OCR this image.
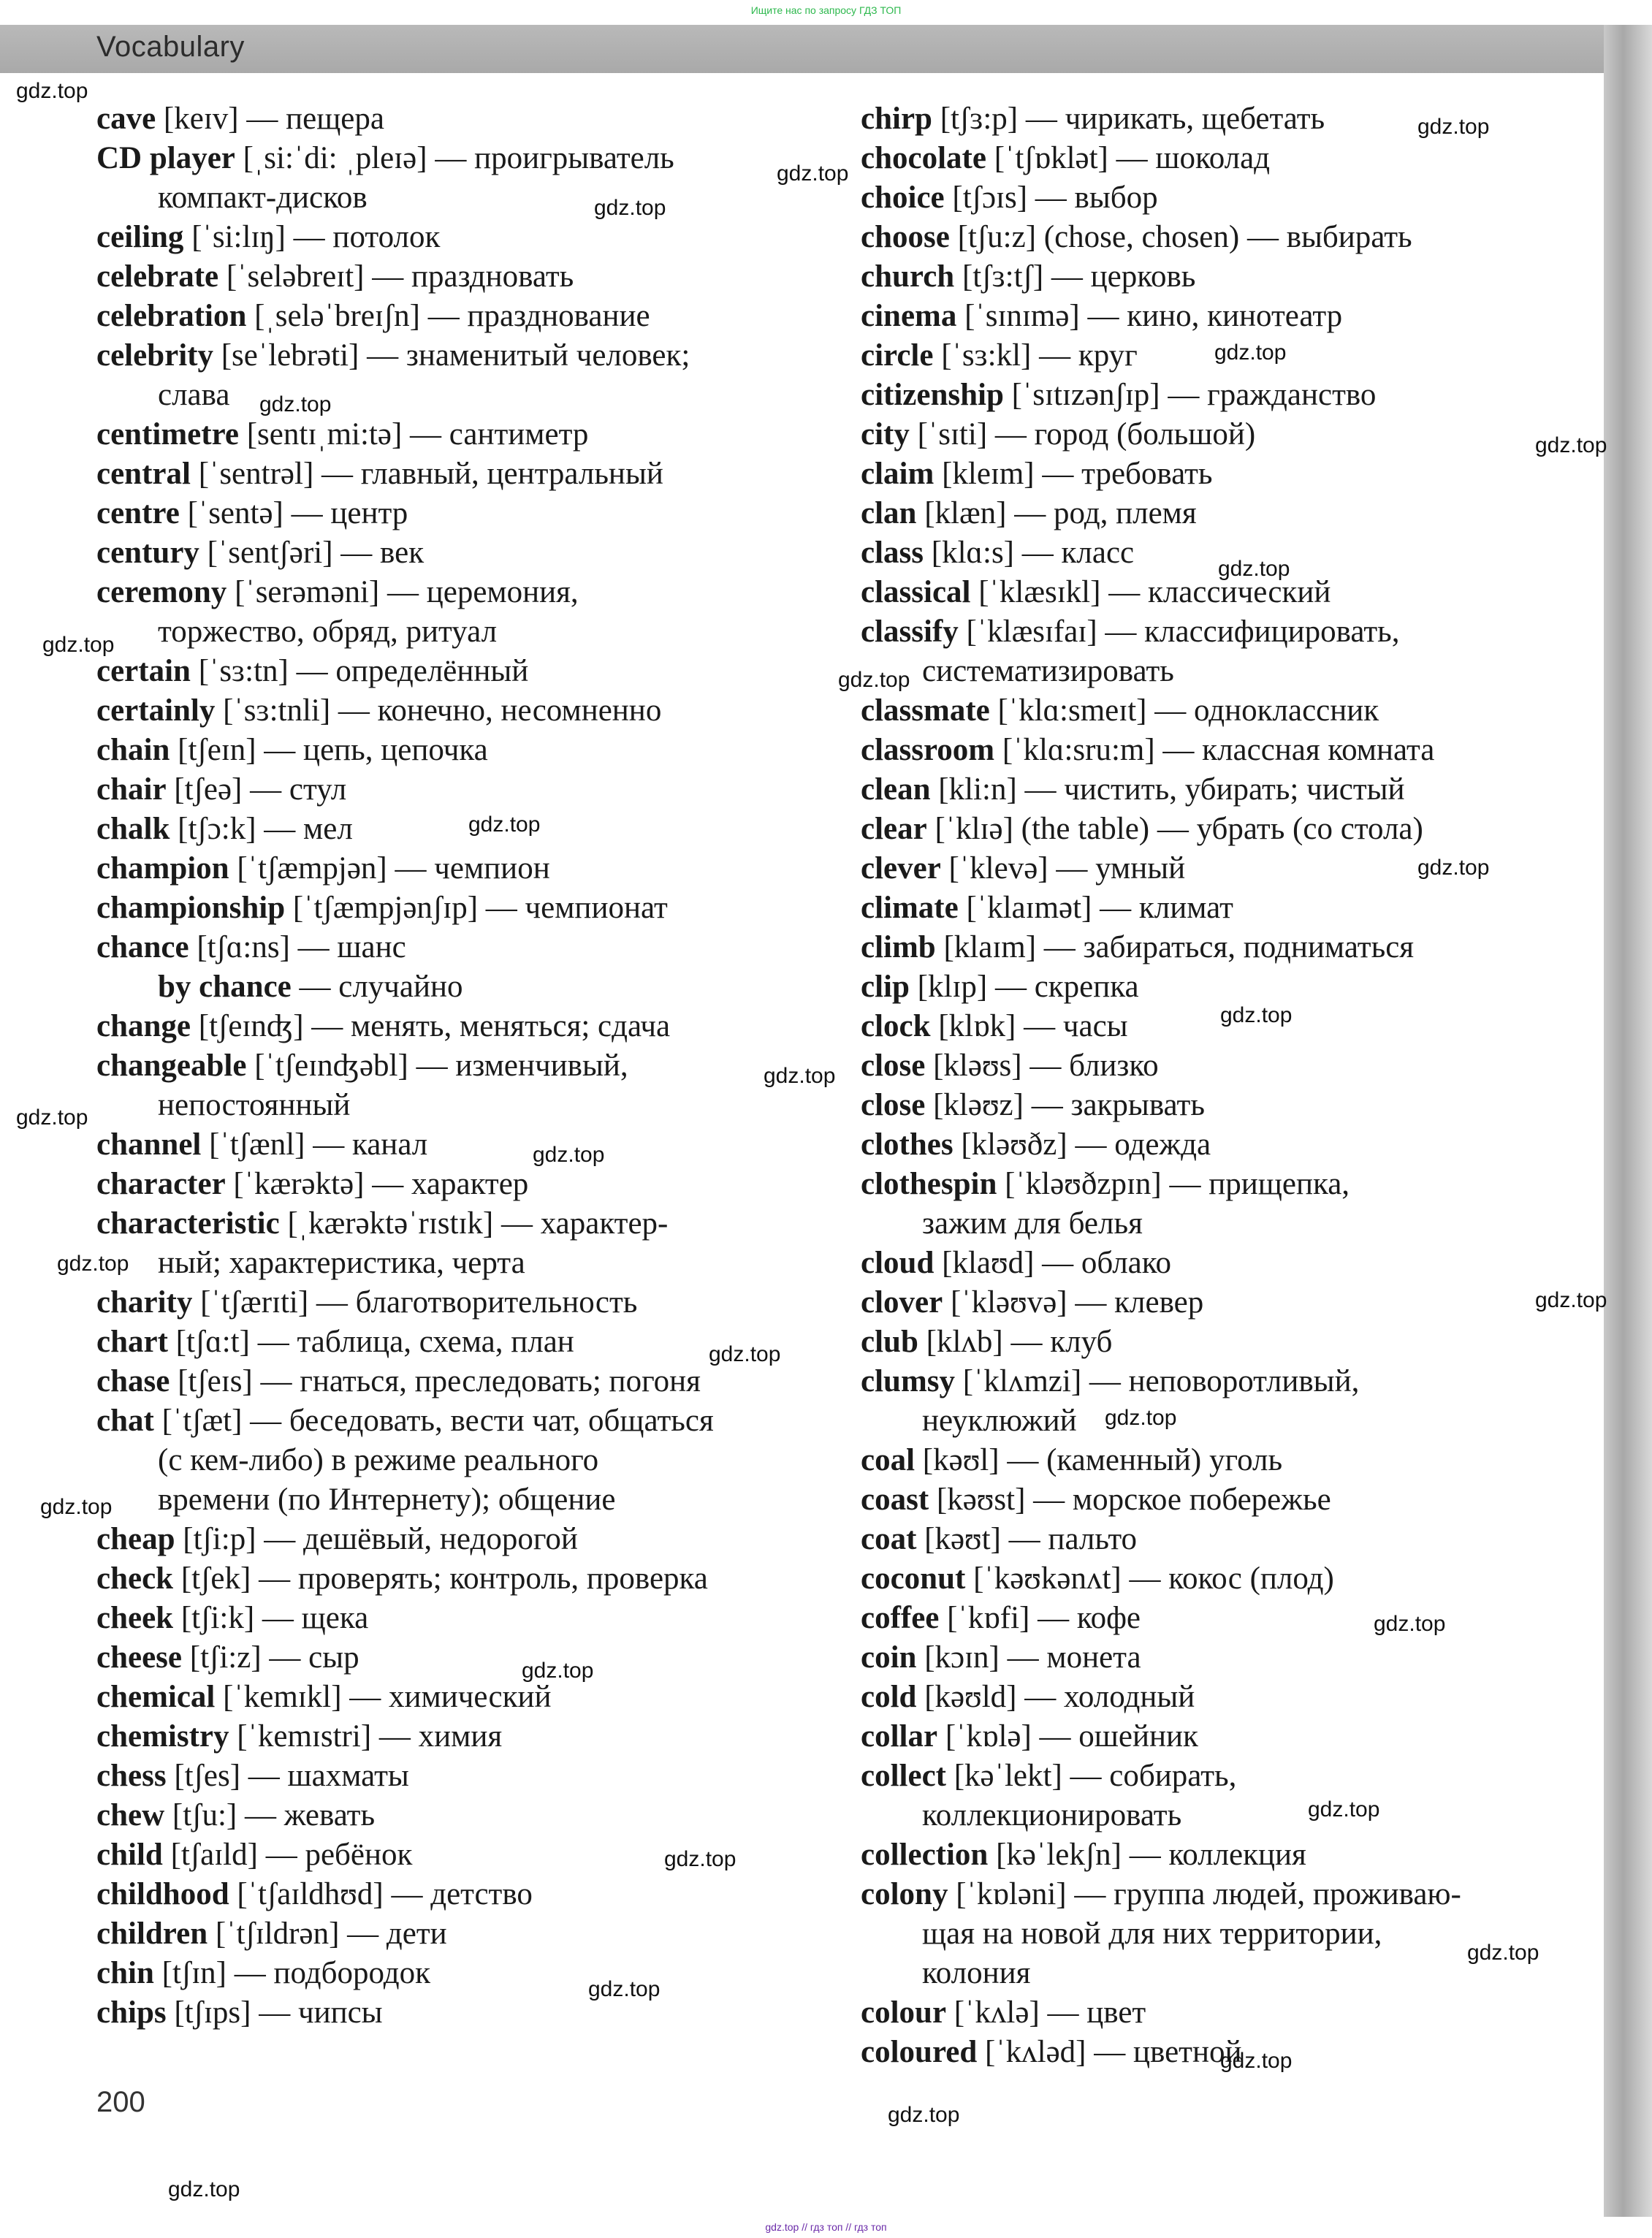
Ищите нас по запросу ГДЗ ТОП
Vocabulary
cave [keɪv] — пещера
CD player [ˌsi:ˈdi: ˌpleɪə] — проигрыватель
компакт-дисков
ceiling [ˈsi:lɪŋ] — потолок
celebrate [ˈseləbreɪt] — праздновать
celebration [ˌseləˈbreɪʃn] — празднование
celebrity [seˈlebrəti] — знаменитый человек;
слава
centimetre [sentɪˌmi:tə] — сантиметр
central [ˈsentrəl] — главный, центральный
centre [ˈsentə] — центр
century [ˈsentʃəri] — век
ceremony [ˈserəməni] — церемония,
торжество, обряд, ритуал
certain [ˈsɜ:tn] — определённый
certainly [ˈsɜ:tnli] — конечно, несомненно
chain [tʃeɪn] — цепь, цепочка
chair [tʃeə] — стул
chalk [tʃɔ:k] — мел
champion [ˈtʃæmpjən] — чемпион
championship [ˈtʃæmpjənʃɪp] — чемпионат
chance [tʃɑ:ns] — шанс
by chance — случайно
change [tʃeɪnʤ] — менять, меняться; сдача
changeable [ˈtʃeɪnʤəbl] — изменчивый,
непостоянный
channel [ˈtʃænl] — канал
character [ˈkærəktə] — характер
characteristic [ˌkærəktəˈrɪstɪk] — характер-
ный; характеристика, черта
charity [ˈtʃærɪti] — благотворительность
chart [tʃɑ:t] — таблица, схема, план
chase [tʃeɪs] — гнаться, преследовать; погоня
chat [ˈtʃæt] — беседовать, вести чат, общаться
(с кем-либо) в режиме реального
времени (по Интернету); общение
cheap [tʃi:p] — дешёвый, недорогой
check [tʃek] — проверять; контроль, проверка
cheek [tʃi:k] — щека
cheese [tʃi:z] — сыр
chemical [ˈkemɪkl] — химический
chemistry [ˈkemɪstri] — химия
chess [tʃes] — шахматы
chew [tʃu:] — жевать
child [tʃaɪld] — ребёнок
childhood [ˈtʃaɪldhʊd] — детство
children [ˈtʃɪldrən] — дети
chin [tʃɪn] — подбородок
chips [tʃɪps] — чипсы
chirp [tʃɜ:p] — чирикать, щебетать
chocolate [ˈtʃɒklət] — шоколад
choice [tʃɔɪs] — выбор
choose [tʃu:z] (chose, chosen) — выбирать
church [tʃɜ:tʃ] — церковь
cinema [ˈsɪnɪmə] — кино, кинотеатр
circle [ˈsɜ:kl] — круг
citizenship [ˈsɪtɪzənʃɪp] — гражданство
city [ˈsɪti] — город (большой)
claim [kleɪm] — требовать
clan [klæn] — род, племя
class [klɑ:s] — класс
classical [ˈklæsɪkl] — классический
classify [ˈklæsɪfaɪ] — классифицировать,
систематизировать
classmate [ˈklɑ:smeɪt] — одноклассник
classroom [ˈklɑ:sru:m] — классная комната
clean [kli:n] — чистить, убирать; чистый
clear [ˈklɪə] (the table) — убрать (со стола)
clever [ˈklevə] — умный
climate [ˈklaɪmət] — климат
climb [klaɪm] — забираться, подниматься
clip [klɪp] — скрепка
clock [klɒk] — часы
close [kləʊs] — близко
close [kləʊz] — закрывать
clothes [kləʊðz] — одежда
clothespin [ˈkləʊðzpɪn] — прищепка,
зажим для белья
cloud [klaʊd] — облако
clover [ˈkləʊvə] — клевер
club [klʌb] — клуб
clumsy [ˈklʌmzi] — неповоротливый,
неуклюжий
coal [kəʊl] — (каменный) уголь
coast [kəʊst] — морское побережье
coat [kəʊt] — пальто
coconut [ˈkəʊkənʌt] — кокос (плод)
coffee [ˈkɒfi] — кофе
coin [kɔɪn] — монета
cold [kəʊld] — холодный
collar [ˈkɒlə] — ошейник
collect [kəˈlekt] — собирать,
коллекционировать
collection [kəˈlekʃn] — коллекция
colony [ˈkɒləni] — группа людей, проживаю-
щая на новой для них территории,
колония
colour [ˈkʌlə] — цвет
coloured [ˈkʌləd] — цветной
200
gdz.top
gdz.top
gdz.top
gdz.top
gdz.top
gdz.top
gdz.top
gdz.top
gdz.top
gdz.top
gdz.top
gdz.top
gdz.top
gdz.top
gdz.top
gdz.top
gdz.top
gdz.top
gdz.top
gdz.top
gdz.top
gdz.top
gdz.top
gdz.top
gdz.top
gdz.top
gdz.top
gdz.top
gdz.top
gdz.top
gdz.top // гдз топ // гдз топ
